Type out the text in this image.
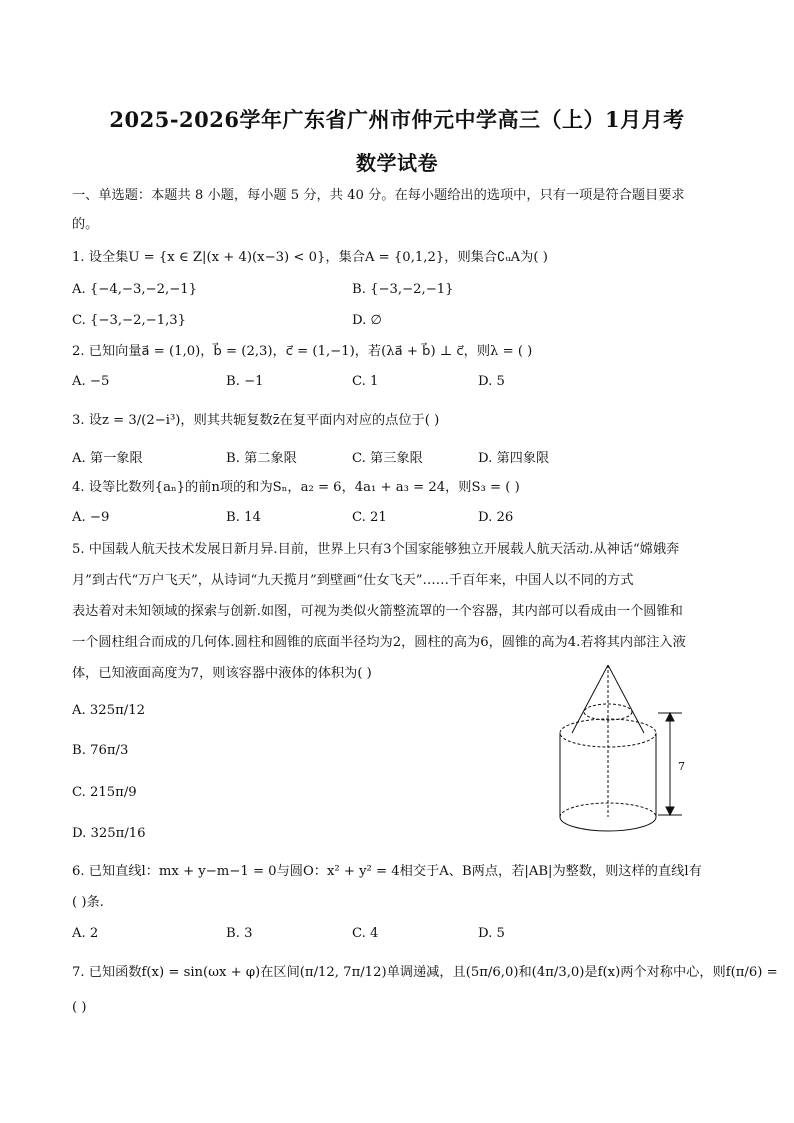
2025-2026学年广东省广州市仲元中学高三（上）1月月考
数学试卷
一、单选题：本题共 8 小题，每小题 5 分，共 40 分。在每小题给出的选项中，只有一项是符合题目要求
的。
1. 设全集U = {x ∈ Z|(x + 4)(x−3) < 0}，集合A = {0,1,2}，则集合∁ᵤA为( )
A. {−4,−3,−2,−1}	B. {−3,−2,−1}
C. {−3,−2,−1,3}	D. ∅
2. 已知向量a⃗ = (1,0)，b⃗ = (2,3)，c⃗ = (1,−1)，若(λa⃗ + b⃗) ⊥ c⃗，则λ = ( )
A. −5	B. −1	C. 1	D. 5
3. 设z = 3/(2−i³)，则其共轭复数z̄在复平面内对应的点位于( )
A. 第一象限	B. 第二象限	C. 第三象限	D. 第四象限
4. 设等比数列{aₙ}的前n项的和为Sₙ，a₂ = 6，4a₁ + a₃ = 24，则S₃ = ( )
A. −9	B. 14	C. 21	D. 26
5. 中国载人航天技术发展日新月异.目前，世界上只有3个国家能够独立开展载人航天活动.从神话“嫦娥奔
月”到古代“万户飞天”，从诗词“九天揽月”到壁画“仕女飞天”……千百年来，中国人以不同的方式
表达着对未知领域的探索与创新.如图，可视为类似火箭整流罩的一个容器，其内部可以看成由一个圆锥和
一个圆柱组合而成的几何体.圆柱和圆锥的底面半径均为2，圆柱的高为6，圆锥的高为4.若将其内部注入液
体，已知液面高度为7，则该容器中液体的体积为( )
A. 325π/12
B. 76π/3
C. 215π/9
D. 325π/16
7
6. 已知直线l：mx + y−m−1 = 0与圆O：x² + y² = 4相交于A、B两点，若|AB|为整数，则这样的直线l有
( )条.
A. 2	B. 3	C. 4	D. 5
7. 已知函数f(x) = sin(ωx + φ)在区间(π/12, 7π/12)单调递减，且(5π/6,0)和(4π/3,0)是f(x)两个对称中心，则f(π/6) =
( )
